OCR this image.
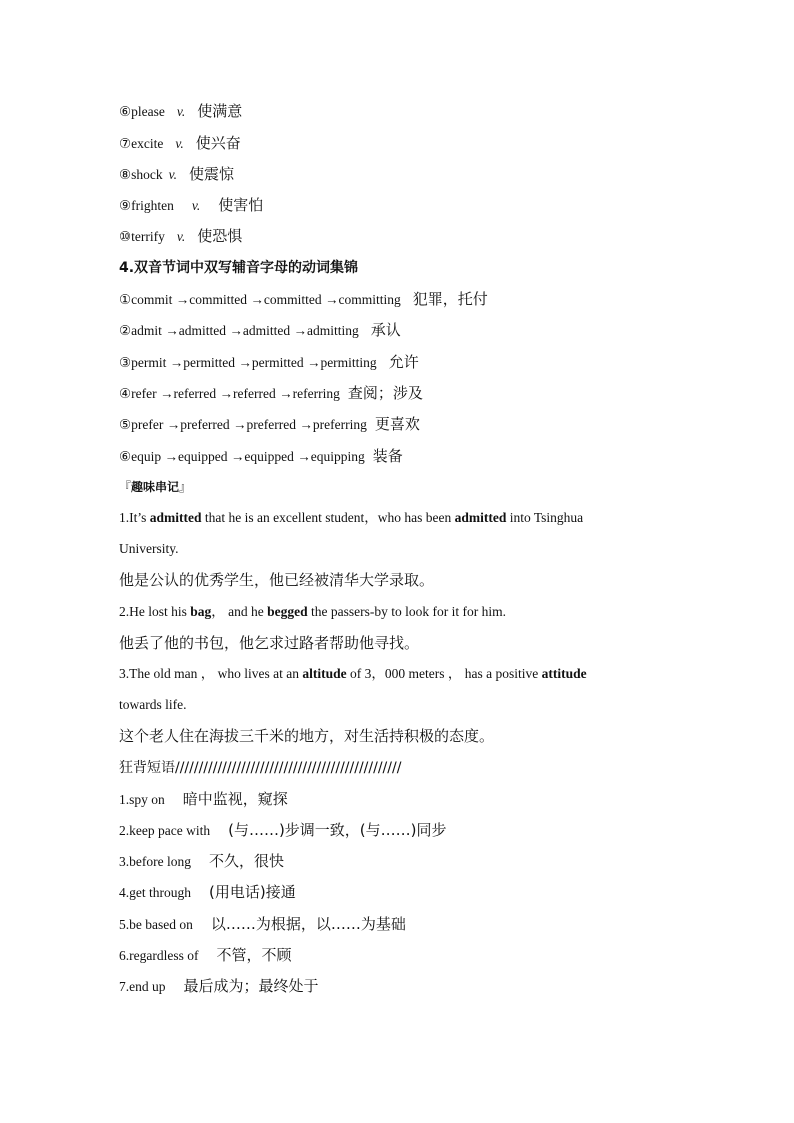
⑥please v. 使满意
⑦excite v. 使兴奋
⑧shock v. 使震惊
⑨frighten v. 使害怕
⑩terrify v. 使恐惧
4.双音节词中双写辅音字母的动词集锦
①commit →committed →committed →committing 犯罪，托付
②admit →admitted →admitted →admitting 承认
③permit →permitted →permitted →permitting 允许
④refer →referred →referred →referring 查阅；涉及
⑤prefer →preferred →preferred →preferring 更喜欢
⑥equip →equipped →equipped →equipping 装备
『趣味串记』
1.It’s admitted that he is an excellent student，who has been admitted into Tsinghua
University.
他是公认的优秀学生，他已经被清华大学录取。
2.He lost his bag， and he begged the passers-by to look for it for him.
他丢了他的书包，他乞求过路者帮助他寻找。
3.The old man ， who lives at an altitude of 3，000 meters ， has a positive attitude
towards life.
这个老人住在海拔三千米的地方，对生活持积极的态度。
狂背短语////////////////////////////////////////////////
1.spy on 暗中监视，窥探
2.keep pace with (与……)步调一致，(与……)同步
3.before long 不久，很快
4.get through (用电话)接通
5.be based on 以……为根据，以……为基础
6.regardless of 不管，不顾
7.end up 最后成为；最终处于
